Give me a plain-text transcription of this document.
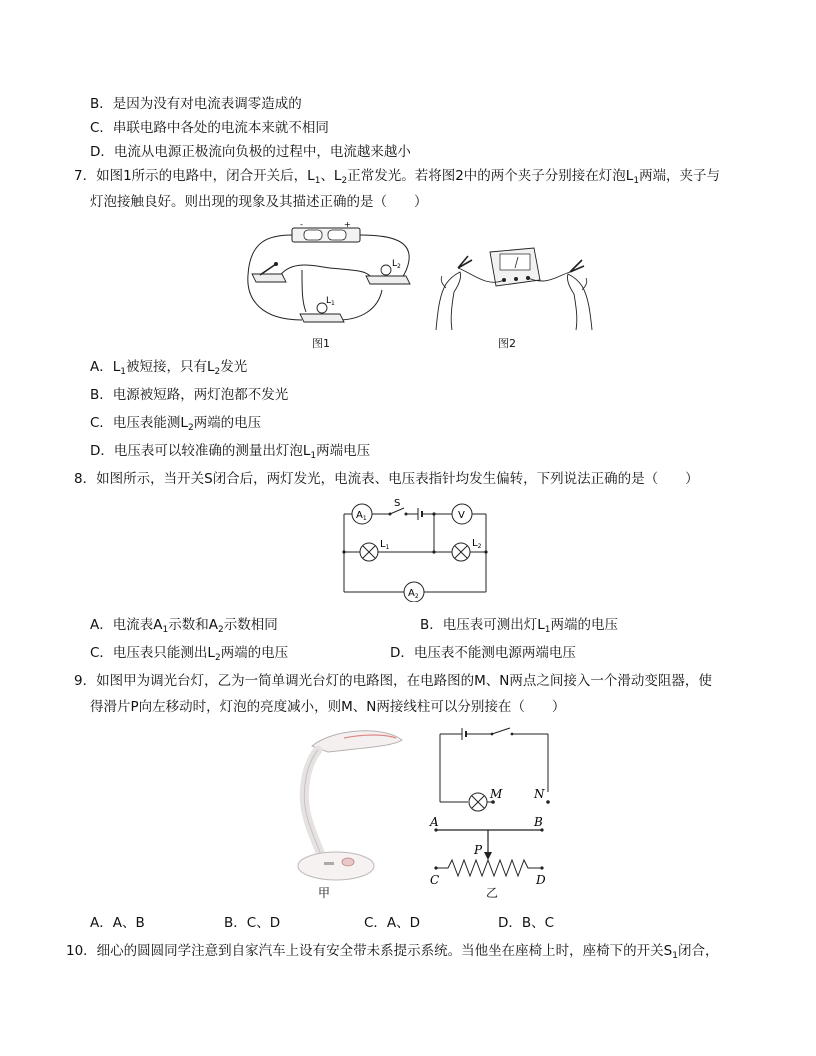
B．是因为没有对电流表调零造成的
C．串联电路中各处的电流本来就不相同
D．电流从电源正极流向负极的过程中，电流越来越小
7．如图1所示的电路中，闭合开关后，$L_1$、$L_2$正常发光。若将图2中的两个夹子分别接在灯泡$L_1$两端，夹子与
灯泡接触良好。则出现的现象及其描述正确的是（　　）
+
-
$L_2$
$L_1$
图1	图2
A．$L_1$被短接，只有$L_2$发光
B．电源被短路，两灯泡都不发光
C．电压表能测$L_2$两端的电压
D．电压表可以较准确的测量出灯泡$L_1$两端电压
8．如图所示，当开关S闭合后，两灯发光，电流表、电压表指针均发生偏转，下列说法正确的是（　　）
S
$A_1$	V
$L_1$	$L_2$
$A_2$
A．电流表$A_1$示数和$A_2$示数相同	B．电压表可测出灯$L_1$两端的电压
C．电压表只能测出$L_2$两端的电压	D．电压表不能测电源两端电压
9．如图甲为调光台灯，乙为一简单调光台灯的电路图，在电路图的M、N两点之间接入一个滑动变阻器，使
得滑片P向左移动时，灯泡的亮度减小，则M、N两接线柱可以分别接在（　　）
甲
M	N
A	B
P
C	D
乙
A．A、B	B．C、D	C．A、D	D．B、C
10．细心的圆圆同学注意到自家汽车上设有安全带未系提示系统。当他坐在座椅上时，座椅下的开关$S_1$闭合，
